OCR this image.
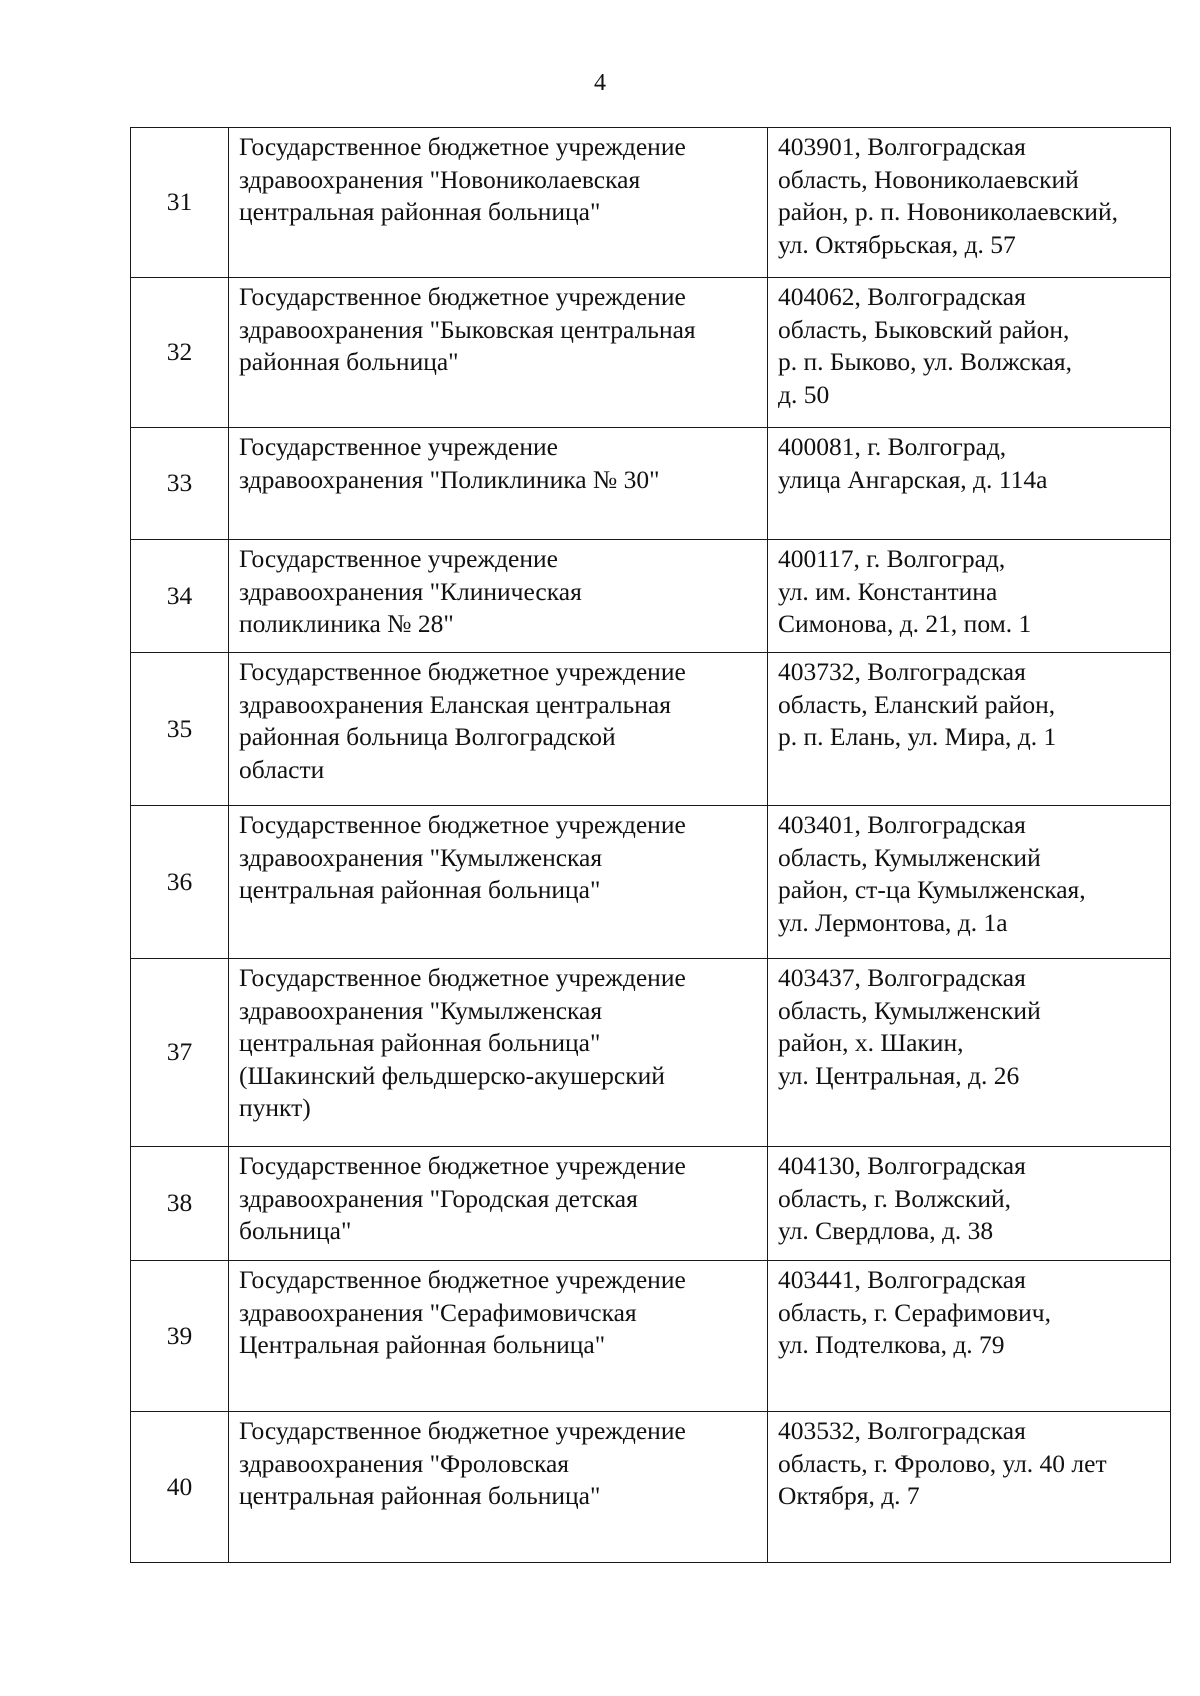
4
31	Государственное бюджетное учреждение
здравоохранения "Новониколаевская
центральная районная больница"	403901, Волгоградская
область, Новониколаевский
район, р. п. Новониколаевский,
ул. Октябрьская, д. 57

32	Государственное бюджетное учреждение
здравоохранения "Быковская центральная
районная больница"	404062, Волгоградская
область, Быковский район,
р. п. Быково, ул. Волжская,
д. 50

33	Государственное учреждение
здравоохранения "Поликлиника № 30"	400081, г. Волгоград,
улица Ангарская, д. 114а

34	Государственное учреждение
здравоохранения "Клиническая
поликлиника № 28"	400117, г. Волгоград,
ул. им. Константина
Симонова, д. 21, пом. 1

35	Государственное бюджетное учреждение
здравоохранения Еланская центральная
районная больница Волгоградской
области	403732, Волгоградская
область, Еланский район,
р. п. Елань, ул. Мира, д. 1

36	Государственное бюджетное учреждение
здравоохранения "Кумылженская
центральная районная больница"	403401, Волгоградская
область, Кумылженский
район, ст-ца Кумылженская,
ул. Лермонтова, д. 1а

37	Государственное бюджетное учреждение
здравоохранения "Кумылженская
центральная районная больница"
(Шакинский фельдшерско-акушерский
пункт)	403437, Волгоградская
область, Кумылженский
район, х. Шакин,
ул. Центральная, д. 26

38	Государственное бюджетное учреждение
здравоохранения "Городская детская
больница"	404130, Волгоградская
область, г. Волжский,
ул. Свердлова, д. 38

39	Государственное бюджетное учреждение
здравоохранения "Серафимовичская
Центральная районная больница"	403441, Волгоградская
область, г. Серафимович,
ул. Подтелкова, д. 79

40	Государственное бюджетное учреждение
здравоохранения "Фроловская
центральная районная больница"	403532, Волгоградская
область, г. Фролово, ул. 40 лет
Октября, д. 7
